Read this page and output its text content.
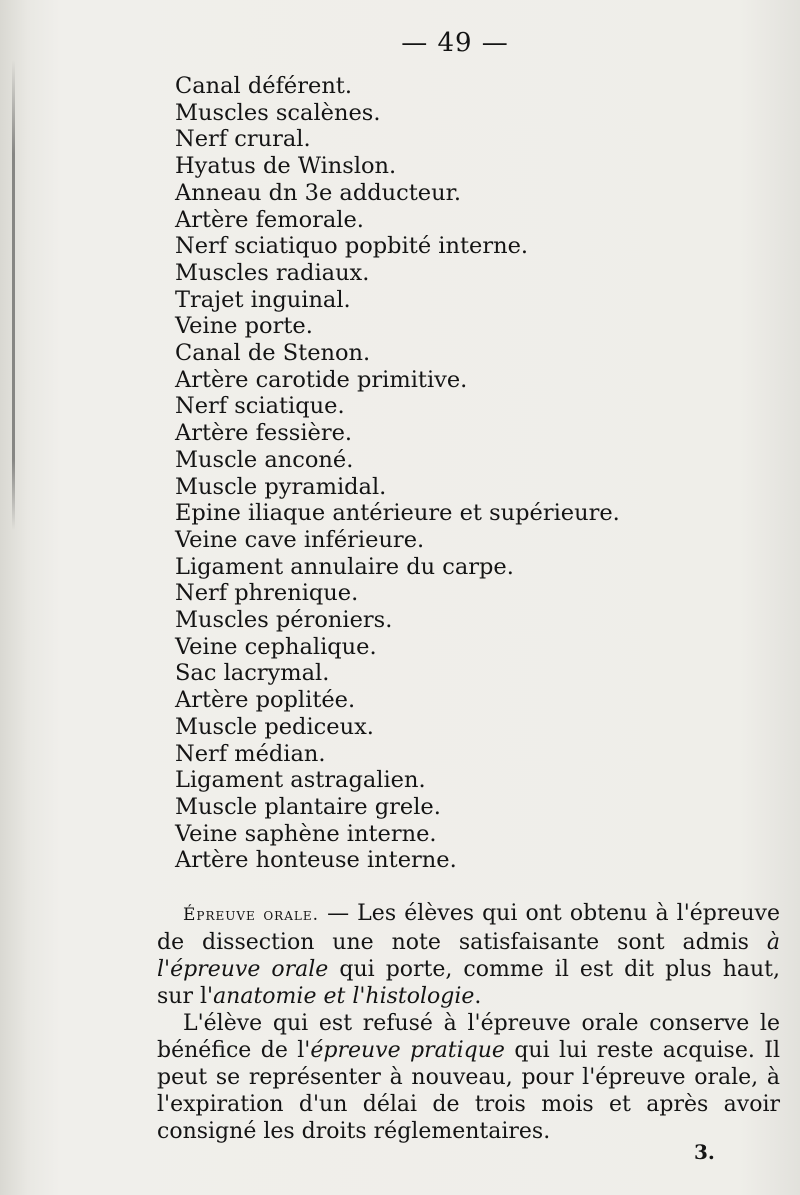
— 49 —
Canal déférent.
Muscles scalènes.
Nerf crural.
Hyatus de Winslon.
Anneau dn 3e adducteur.
Artère femorale.
Nerf sciatiquo popbité interne.
Muscles radiaux.
Trajet inguinal.
Veine porte.
Canal de Stenon.
Artère carotide primitive.
Nerf sciatique.
Artère fessière.
Muscle anconé.
Muscle pyramidal.
Epine iliaque antérieure et supérieure.
Veine cave inférieure.
Ligament annulaire du carpe.
Nerf phrenique.
Muscles péroniers.
Veine cephalique.
Sac lacrymal.
Artère poplitée.
Muscle pediceux.
Nerf médian.
Ligament astragalien.
Muscle plantaire grele.
Veine saphène interne.
Artère honteuse interne.

Épreuve orale. — Les élèves qui ont obtenu à l'épreuve de dissection une note satisfaisante sont admis à l'épreuve orale qui porte, comme il est dit plus haut, sur l'anatomie et l'histologie.

L'élève qui est refusé à l'épreuve orale conserve le bénéfice de l'épreuve pratique qui lui reste acquise. Il peut se représenter à nouveau, pour l'épreuve orale, à l'expiration d'un délai de trois mois et après avoir consigné les droits réglementaires.

3.
